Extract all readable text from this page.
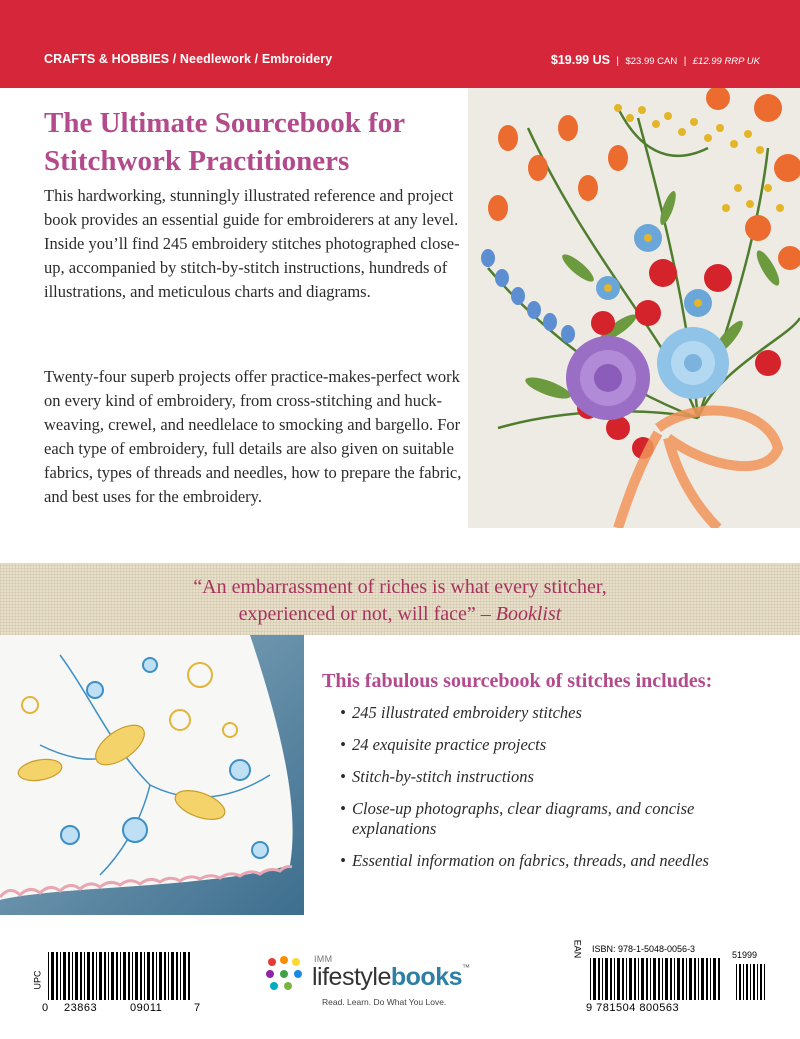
CRAFTS & HOBBIES / Needlework / Embroidery	$19.99 US | $23.99 CAN | £12.99 RRP UK
The Ultimate Sourcebook for
Stitchwork Practitioners
This hardworking, stunningly illustrated reference and project book provides an essential guide for embroiderers at any level. Inside you’ll find 245 embroidery stitches photographed close-up, accompanied by stitch-by-stitch instructions, hundreds of illustrations, and meticulous charts and diagrams.
Twenty-four superb projects offer practice-makes-perfect work on every kind of embroidery, from cross-stitching and huck-weaving, crewel, and needlelace to smocking and bargello. For each type of embroidery, full details are also given on suitable fabrics, types of threads and needles, how to prepare the fabric, and best uses for the embroidery.
“An embarrassment of riches is what every stitcher,
experienced or not, will face” – Booklist
This fabulous sourcebook of stitches includes:
• 245 illustrated embroidery stitches
• 24 exquisite practice projects
• Stitch-by-stitch instructions
• Close-up photographs, clear diagrams, and concise explanations
• Essential information on fabrics, threads, and needles
UPC
0 23863	09011	7
IMM
lifestylebooks™
Read. Learn. Do What You Love.
EAN ISBN: 978-1-5048-0056-3
51999
9 781504 800563
